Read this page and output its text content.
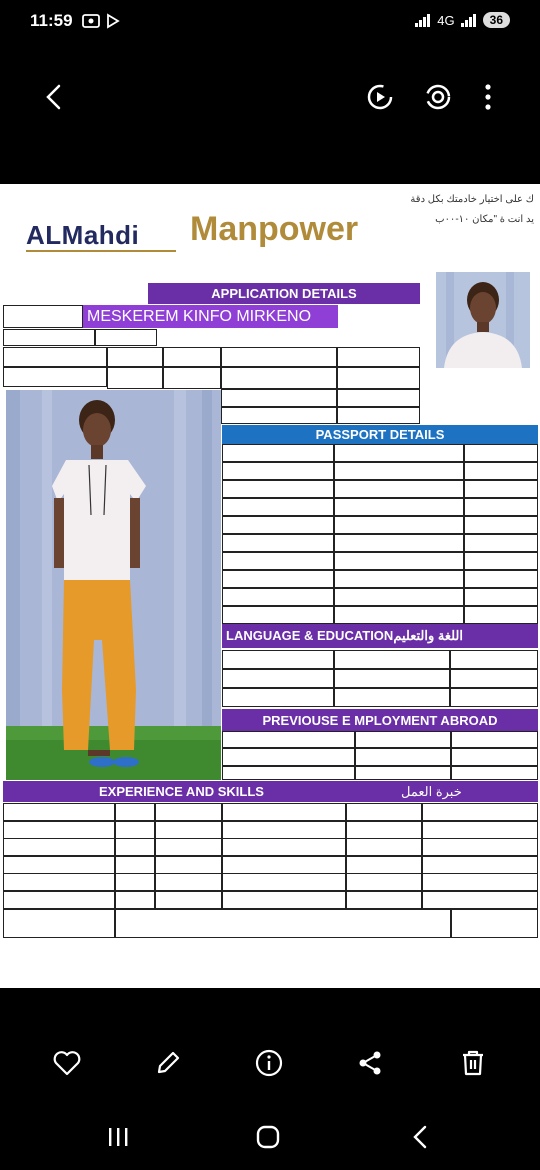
11:59	4G	36
ALMahdi Manpower
ك على اختيار خادمتك بكل دقة
يد انت ة "مكان ١٠-٠٠ب
APPLICATION DETAILS
الراتب الشهر
مدة العقد
FULLNAME	MESKEREM KINFO MIRKENO
REF NO	KW0185
RELIGION	HEIGHT	WEIGHT	POSITION APPLIED	HOUSEMAID
CRSTIYAN	1:70	75	MONTHLY SALARY	275 $
CONTRACT	2 YEARS
CONTACT NUMBER
PASSPORT DETAILS
NATIONALITY	ETHIOPIAN	الجنسية
PASSPORT NO	E00059875	م جواز السفر
DATE OF BIRTH	24.02.1992	ريخ الميلاد
AGE	29
PLACE OF BIRTH	MESKAN	مكان الميلاد
DATE OF ISSUED	10 12 2025
DATE EXPIRY	09.12.2035
PLACE OF ISSUE	ADDIS ABABA
MARITAL STATUS	SINGLE	حالة الإجتماعية
NO.OF CHILDREN	NONE
LANGUAGE & EDUCATIONاللغة والتعليم
ENGLISH	POOR	الإنجليزية
ARABIC	GOOD	العربية
EDUCATION	HIGHSCHOOL	المستوى التعليمي
PREVIOUSE E MPLOYMENT ABROAD
POSITION	PERIOD	CITY,COUNTR
HOUSEMAID	3 YEIRS	DUBAI
EXPERIENCE AND SKILLS	خبرة العمل
IRONING	YES
COOKING	YES
ARABIC COOKING
SEWING	NO
COMPUTER	NO
OTHERSKILLS	NO
BABYSITTING	YES	عناية الرضيع
CHILDRENCARE	YES	عناية الأطفال
TUTORING	NO	تعليم الأطفال
CLEANING	YES	التنظيف
WASHING	YES	الغسيل
خبرات أخرى
REMARKS	She is very hard working and industrious and Willing to learn how to cook Arabic food
ملاحظات
